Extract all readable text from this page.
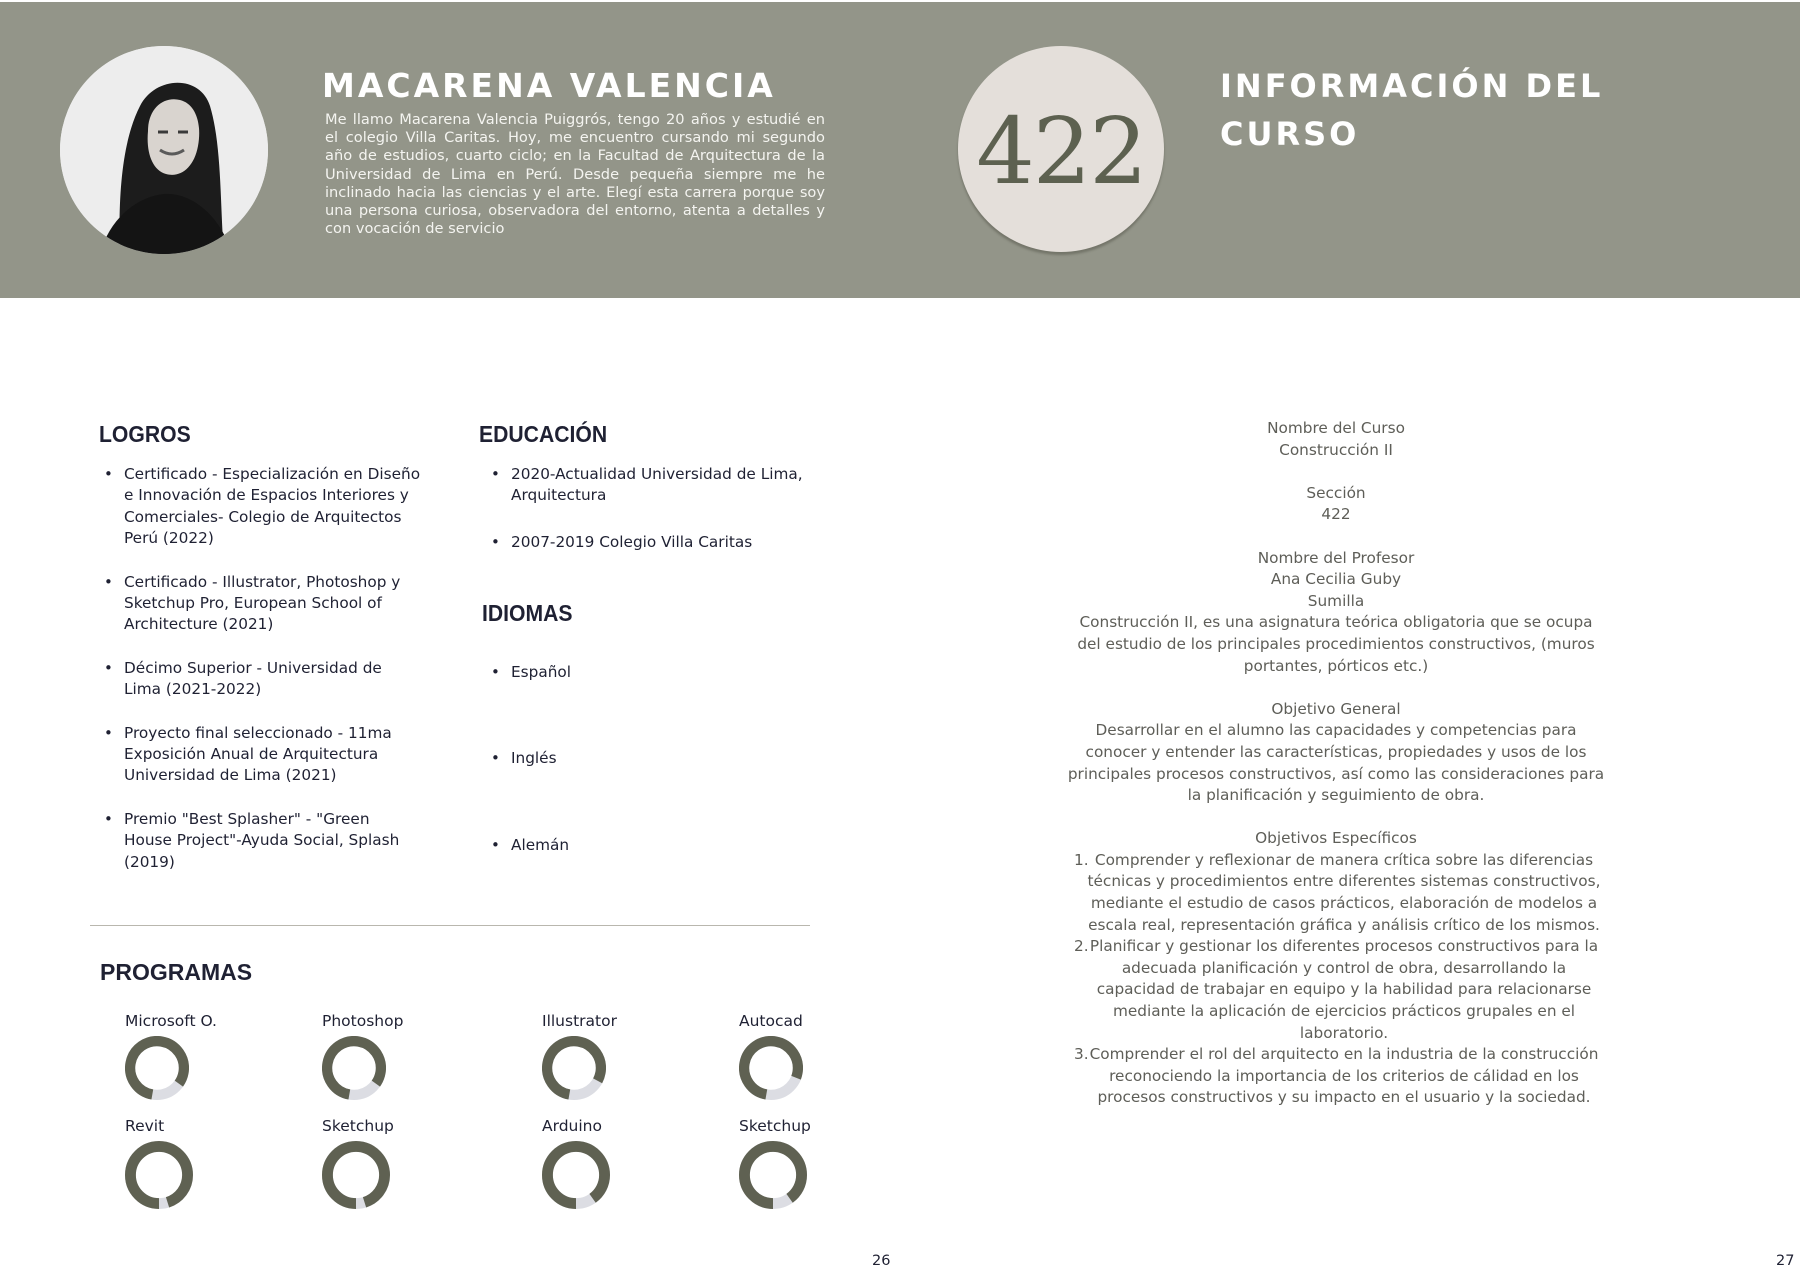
MACARENA VALENCIA
Me llamo Macarena Valencia Puiggrós, tengo 20 años y estudié en el colegio Villa Caritas. Hoy, me encuentro cursando mi segundo año de estudios, cuarto ciclo; en la Facultad de Arquitectura de la Universidad de Lima en Perú. Desde pequeña siempre me he inclinado hacia las ciencias y el arte. Elegí esta carrera porque soy una persona curiosa, observadora del entorno, atenta a detalles y con vocación de servicio
422
INFORMACIÓN DEL CURSO
LOGROS
• Certificado - Especialización en Diseño e Innovación de Espacios Interiores y Comerciales- Colegio de Arquitectos Perú (2022)
• Certificado - Illustrator, Photoshop y Sketchup Pro, European School of Architecture (2021)
• Décimo Superior - Universidad de Lima (2021-2022)
• Proyecto final seleccionado - 11ma Exposición Anual de Arquitectura Universidad de Lima (2021)
• Premio "Best Splasher" - "Green House Project"-Ayuda Social, Splash (2019)
EDUCACIÓN
• 2020-Actualidad Universidad de Lima, Arquitectura
• 2007-2019 Colegio Villa Caritas
IDIOMAS
• Español
• Inglés
• Alemán
PROGRAMAS
Microsoft O.	Photoshop	Illustrator	Autocad
Revit	Sketchup	Arduino	Sketchup
Nombre del Curso
Construcción II
Sección
422
Nombre del Profesor
Ana Cecilia Guby
Sumilla
Construcción II, es una asignatura teórica obligatoria que se ocupa del estudio de los principales procedimientos constructivos, (muros portantes, pórticos etc.)
Objetivo General
Desarrollar en el alumno las capacidades y competencias para conocer y entender las características, propiedades y usos de los principales procesos constructivos, así como las consideraciones para la planificación y seguimiento de obra.
Objetivos Específicos
1. Comprender y reflexionar de manera crítica sobre las diferencias técnicas y procedimientos entre diferentes sistemas constructivos, mediante el estudio de casos prácticos, elaboración de modelos a escala real, representación gráfica y análisis crítico de los mismos.
2. Planificar y gestionar los diferentes procesos constructivos para la adecuada planificación y control de obra, desarrollando la capacidad de trabajar en equipo y la habilidad para relacionarse mediante la aplicación de ejercicios prácticos grupales en el laboratorio.
3. Comprender el rol del arquitecto en la industria de la construcción reconociendo la importancia de los criterios de cálidad en los procesos constructivos y su impacto en el usuario y la sociedad.
26	27
